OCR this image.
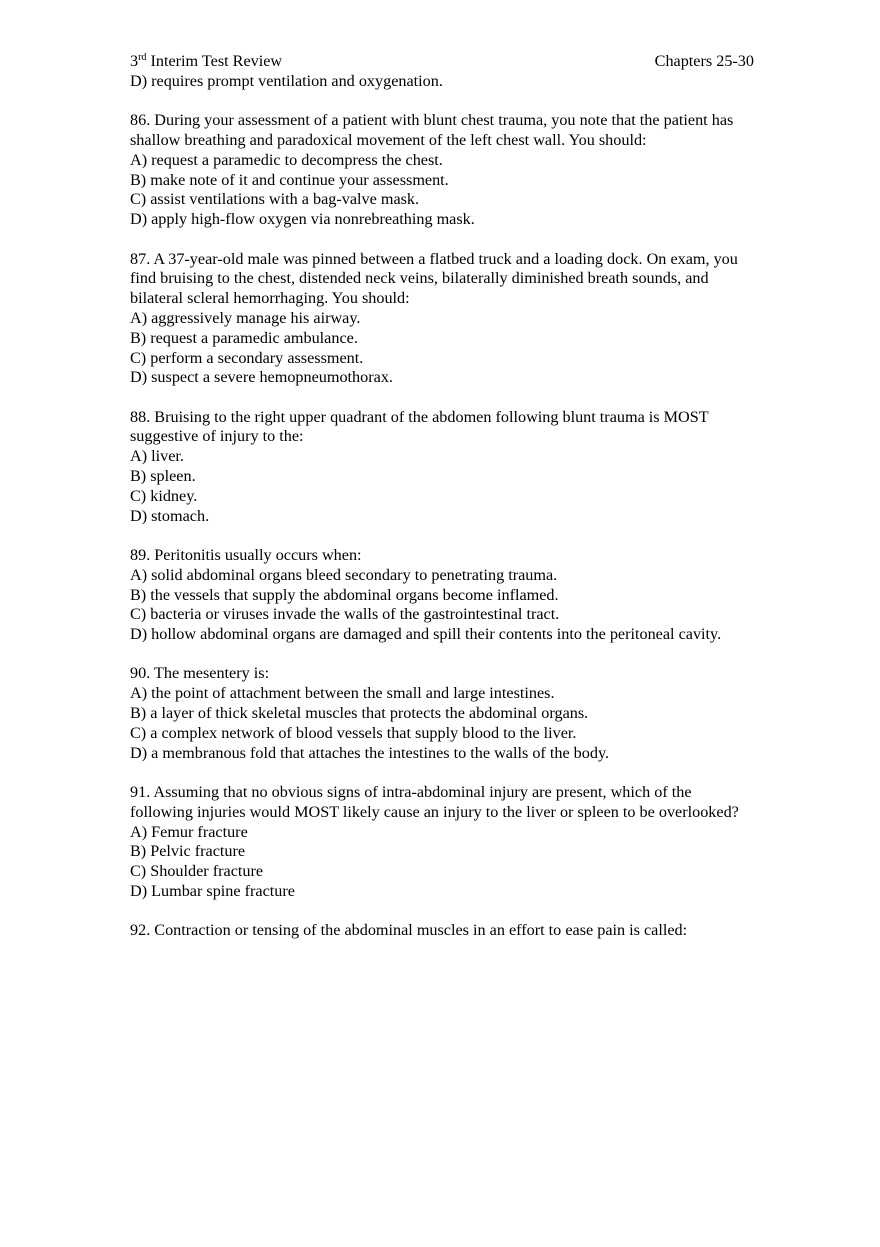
3rd Interim Test Review	Chapters 25-30

D) requires prompt ventilation and oxygenation.

86. During your assessment of a patient with blunt chest trauma, you note that the patient has shallow breathing and paradoxical movement of the left chest wall. You should:

A) request a paramedic to decompress the chest.

B) make note of it and continue your assessment.

C) assist ventilations with a bag-valve mask.

D) apply high-flow oxygen via nonrebreathing mask.

87. A 37-year-old male was pinned between a flatbed truck and a loading dock. On exam, you find bruising to the chest, distended neck veins, bilaterally diminished breath sounds, and bilateral scleral hemorrhaging. You should:

A) aggressively manage his airway.

B) request a paramedic ambulance.

C) perform a secondary assessment.

D) suspect a severe hemopneumothorax.

88. Bruising to the right upper quadrant of the abdomen following blunt trauma is MOST suggestive of injury to the:

A) liver.

B) spleen.

C) kidney.

D) stomach.

89. Peritonitis usually occurs when:

A) solid abdominal organs bleed secondary to penetrating trauma.

B) the vessels that supply the abdominal organs become inflamed.

C) bacteria or viruses invade the walls of the gastrointestinal tract.

D) hollow abdominal organs are damaged and spill their contents into the peritoneal cavity.

90. The mesentery is:

A) the point of attachment between the small and large intestines.

B) a layer of thick skeletal muscles that protects the abdominal organs.

C) a complex network of blood vessels that supply blood to the liver.

D) a membranous fold that attaches the intestines to the walls of the body.

91. Assuming that no obvious signs of intra-abdominal injury are present, which of the following injuries would MOST likely cause an injury to the liver or spleen to be overlooked?

A) Femur fracture

B) Pelvic fracture

C) Shoulder fracture

D) Lumbar spine fracture

92. Contraction or tensing of the abdominal muscles in an effort to ease pain is called:
